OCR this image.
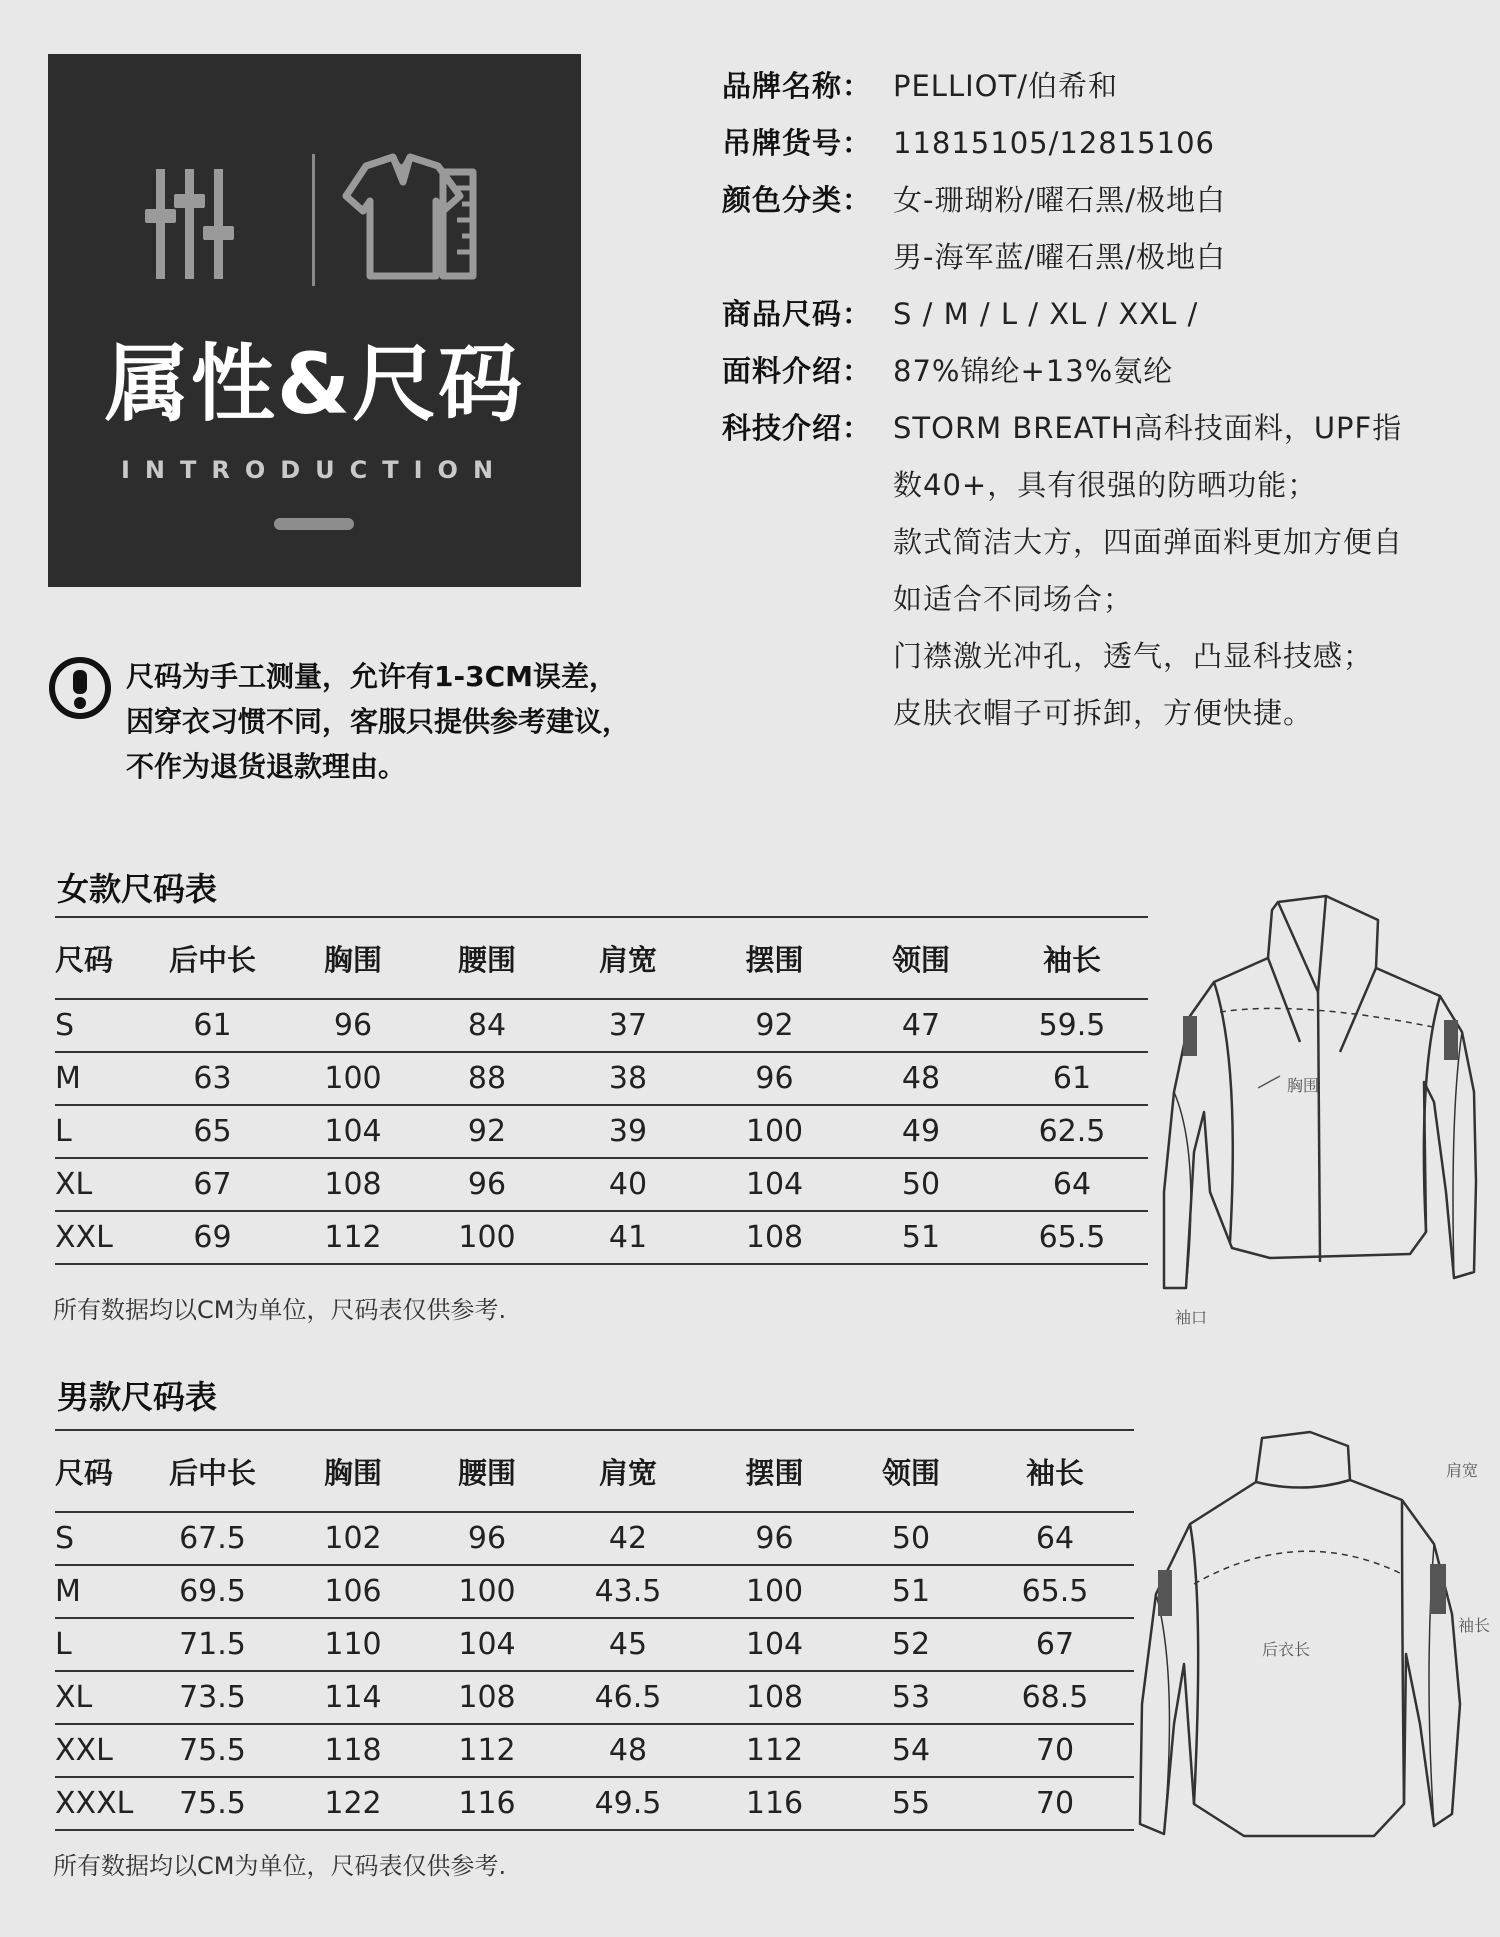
属性&尺码
INTRODUCTION
品牌名称： PELLIOT/伯希和
吊牌货号： 11815105/12815106
颜色分类： 女-珊瑚粉/曜石黑/极地白
男-海军蓝/曜石黑/极地白
商品尺码： S / M / L / XL / XXL /
面料介绍： 87%锦纶+13%氨纶
科技介绍： STORM BREATH高科技面料，UPF指
数40+，具有很强的防晒功能；
款式简洁大方，四面弹面料更加方便自
如适合不同场合；
门襟激光冲孔，透气，凸显科技感；
皮肤衣帽子可拆卸，方便快捷。
尺码为手工测量，允许有1-3CM误差，
因穿衣习惯不同，客服只提供参考建议，
不作为退货退款理由。
女款尺码表
尺码	后中长	胸围	腰围	肩宽	摆围	领围	袖长
S	61	96	84	37	92	47	59.5
M	63	100	88	38	96	48	61
L	65	104	92	39	100	49	62.5
XL	67	108	96	40	104	50	64
XXL	69	112	100	41	108	51	65.5
所有数据均以CM为单位，尺码表仅供参考.
胸围
袖口
男款尺码表
尺码	后中长	胸围	腰围	肩宽	摆围	领围	袖长
S	67.5	102	96	42	96	50	64
M	69.5	106	100	43.5	100	51	65.5
L	71.5	110	104	45	104	52	67
XL	73.5	114	108	46.5	108	53	68.5
XXL	75.5	118	112	48	112	54	70
XXXL	75.5	122	116	49.5	116	55	70
所有数据均以CM为单位，尺码表仅供参考.
肩宽
袖长
后衣长
